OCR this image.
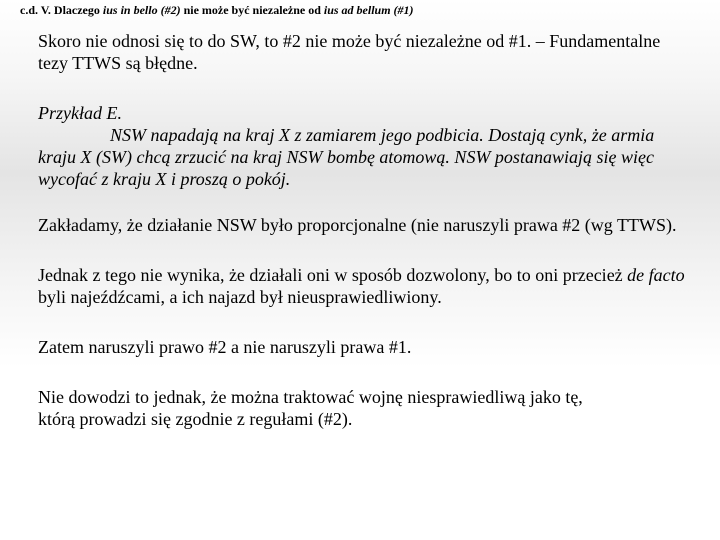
c.d. V. Dlaczego ius in bello (#2) nie może być niezależne od ius ad bellum (#1)

Skoro nie odnosi się to do SW, to #2 nie może być niezależne od #1. – Fundamentalne tezy TTWS są błędne.

Przykład E.
NSW napadają na kraj X z zamiarem jego podbicia. Dostają cynk, że armia kraju X (SW) chcą zrzucić na kraj NSW bombę atomową. NSW postanawiają się więc wycofać z kraju X i proszą o pokój.

Zakładamy, że działanie NSW było proporcjonalne (nie naruszyli prawa #2 (wg TTWS).

Jednak z tego nie wynika, że działali oni w sposób dozwolony, bo to oni przecież de facto byli najeźdźcami, a ich najazd był nieusprawiedliwiony.

Zatem naruszyli prawo #2 a nie naruszyli prawa #1.

Nie dowodzi to jednak, że można traktować wojnę niesprawiedliwą jako tę,
którą prowadzi się zgodnie z regułami (#2).
